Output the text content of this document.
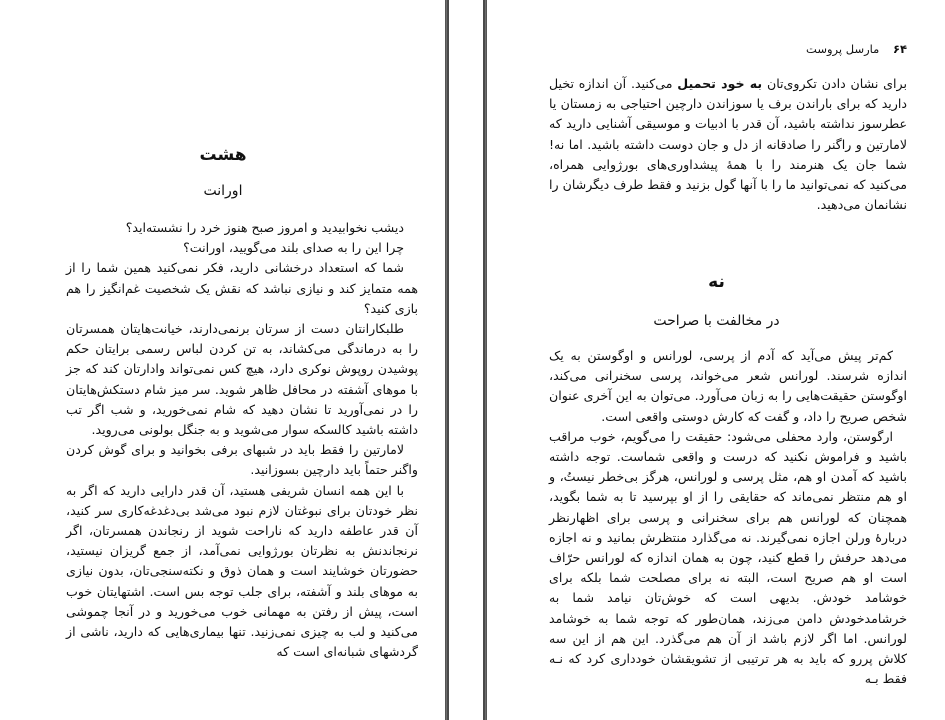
هشت
اورانت

دیشب نخوابیدید و امروز صبح هنوز خرد را نشسته‌اید؟

چرا این را به صدای بلند می‌گویید، اورانت؟

شما که استعداد درخشانی دارید، فکر نمی‌کنید همین شما را از همه متمایز کند و نیازی نباشد که نقش یک شخصیت غم‌انگیز را هم بازی کنید؟

طلبکارانتان دست از سرتان برنمی‌دارند، خیانت‌هایتان همسرتان را به درماندگی می‌کشاند، به تن کردن لباس رسمی برایتان حکم پوشیدن روپوش نوکری دارد، هیچ کس نمی‌تواند وادارتان کند که جز با موهای آشفته در محافل ظاهر شوید. سر میز شام دستکش‌هایتان را در نمی‌آورید تا نشان دهید که شام نمی‌خورید، و شب اگر تب داشته باشید کالسکه سوار می‌شوید و به جنگل بولونی می‌روید.

لامارتین را فقط باید در شبهای برفی بخوانید و برای گوش کردن واگنر حتماً باید دارچین بسوزانید.

با این همه انسان شریفی هستید، آن قدر دارایی دارید که اگر به نظر خودتان برای نبوغتان لازم نبود می‌شد بی‌دغدغه‌کاری سر کنید، آن قدر عاطفه دارید که ناراحت شوید از رنجاندن همسرتان، اگر نرنجاندنش به نظرتان بورژوایی نمی‌آمد، از جمع گریزان نیستید، حضورتان خوشایند است و همان ذوق و نکته‌سنجی‌تان، بدون نیازی به موهای بلند و آشفته، برای جلب توجه بس است. اشتهایتان خوب است، پیش از رفتن به مهمانی خوب می‌خورید و در آنجا چموشی می‌کنید و لب به چیزی نمی‌زنید. تنها بیماری‌هایی که دارید، ناشی از گردشهای شبانه‌ای است که

۶۴ مارسل پروست

برای نشان دادن تکروی‌تان به خود تحمیل می‌کنید. آن اندازه تخیل دارید که برای باراندن برف یا سوزاندن دارچین احتیاجی به زمستان یا عطرسوز نداشته باشید، آن قدر با ادبیات و موسیقی آشنایی دارید که لامارتین و راگنر را صادقانه از دل و جان دوست داشته باشید. اما نه! شما جان یک هنرمند را با همهٔ پیشداوری‌های بورژوایی همراه، می‌کنید که نمی‌توانید ما را با آنها گول بزنید و فقط طرف دیگرشان را نشانمان می‌دهید.

نه
در مخالفت با صراحت

کم‌تر پیش می‌آید که آدم از پرسی، لورانس و اوگوستن به یک اندازه شرسند. لورانس شعر می‌خواند، پرسی سخنرانی می‌کند، اوگوستن حقیقت‌هایی را به زبان می‌آورد. می‌توان به این آخری عنوان شخص صریح را داد، و گفت که کارش دوستی واقعی است.

ارگوستن، وارد محفلی می‌شود: حقیقت را می‌گویم، خوب مراقب باشید و فراموش نکنید که درست و واقعی شماست. توجه داشته باشید که آمدن او هم، مثل پرسی و لورانس، هرگز بی‌خطر نیستُ، و او هم منتظر نمی‌ماند که حقایقی را از او بپرسید تا به شما بگوید، همچنان که لورانس هم برای سخنرانی و پرسی برای اظهارنظر دربارهٔ ورلن اجازه نمی‌گیرند. نه می‌گذارد منتظرش بمانید و نه اجازه می‌دهد حرفش را قطع کنید، چون به همان اندازه که لورانس حرّاف است او هم صریح است، البته نه برای مصلحت شما بلکه برای خوشامد خودش. بدیهی است که خوش‌تان نیامد شما به خرشامدخودش دامن می‌زند، همان‌طور که توجه شما به خوشامد لورانس. اما اگر لازم باشد از آن هم می‌گذرد. این هم از این سه کلاش پررو که باید به هر ترتیبی از تشویقشان خودداری کرد که نـه فقط بـه
